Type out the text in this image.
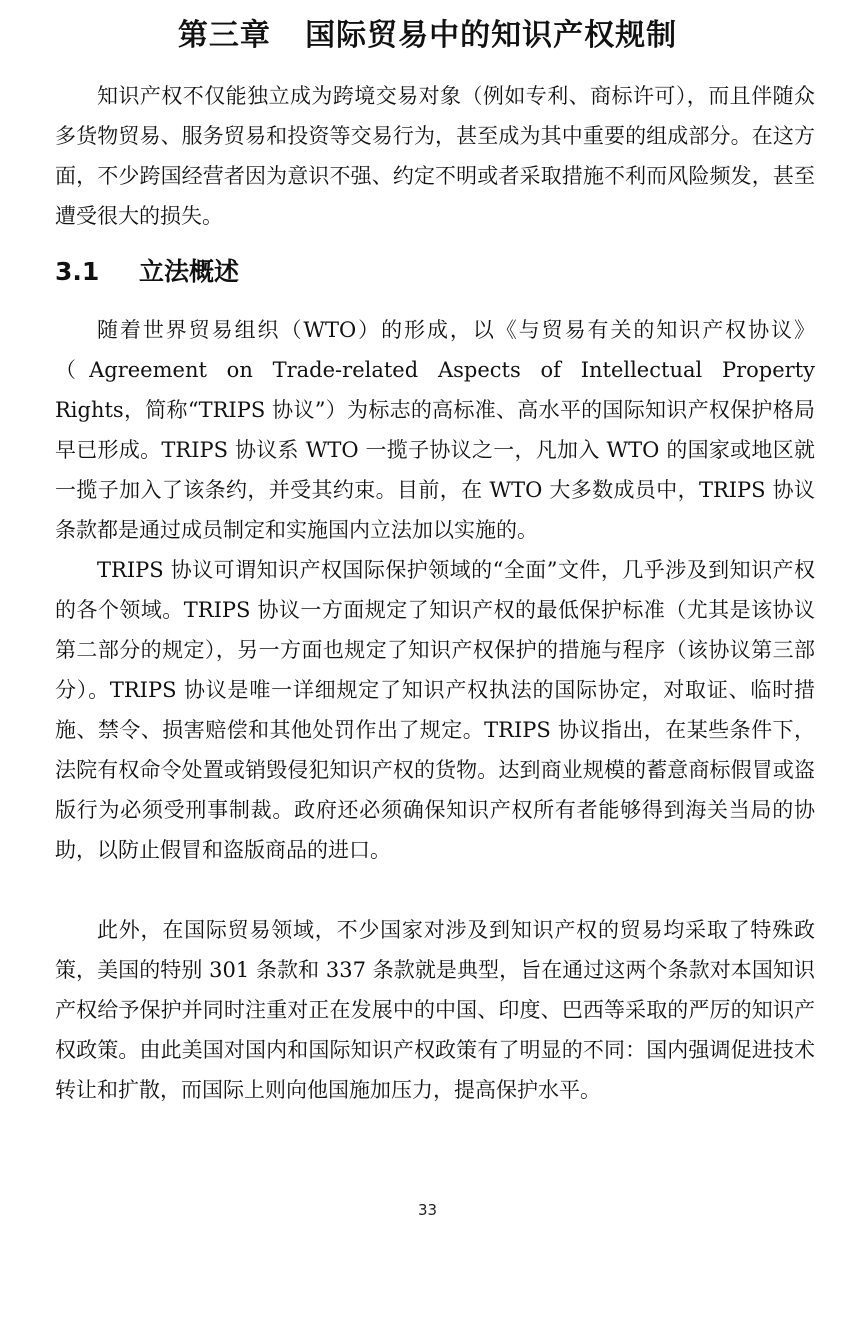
第三章   国际贸易中的知识产权规制

知识产权不仅能独立成为跨境交易对象（例如专利、商标许可），而且伴随众多货物贸易、服务贸易和投资等交易行为，甚至成为其中重要的组成部分。在这方面，不少跨国经营者因为意识不强、约定不明或者采取措施不利而风险频发，甚至遭受很大的损失。

3.1 立法概述

随着世界贸易组织（WTO）的形成，以《与贸易有关的知识产权协议》（Agreement on Trade-related Aspects of Intellectual Property Rights，简称“TRIPS 协议”）为标志的高标准、高水平的国际知识产权保护格局早已形成。TRIPS 协议系 WTO 一揽子协议之一，凡加入 WTO 的国家或地区就一揽子加入了该条约，并受其约束。目前，在 WTO 大多数成员中，TRIPS 协议条款都是通过成员制定和实施国内立法加以实施的。

TRIPS 协议可谓知识产权国际保护领域的“全面”文件，几乎涉及到知识产权的各个领域。TRIPS 协议一方面规定了知识产权的最低保护标准（尤其是该协议第二部分的规定），另一方面也规定了知识产权保护的措施与程序（该协议第三部分）。TRIPS 协议是唯一详细规定了知识产权执法的国际协定，对取证、临时措施、禁令、损害赔偿和其他处罚作出了规定。TRIPS 协议指出，在某些条件下，法院有权命令处置或销毁侵犯知识产权的货物。达到商业规模的蓄意商标假冒或盗版行为必须受刑事制裁。政府还必须确保知识产权所有者能够得到海关当局的协助，以防止假冒和盗版商品的进口。

此外，在国际贸易领域，不少国家对涉及到知识产权的贸易均采取了特殊政策，美国的特别 301 条款和 337 条款就是典型，旨在通过这两个条款对本国知识产权给予保护并同时注重对正在发展中的中国、印度、巴西等采取的严厉的知识产权政策。由此美国对国内和国际知识产权政策有了明显的不同：国内强调促进技术转让和扩散，而国际上则向他国施加压力，提高保护水平。

33
